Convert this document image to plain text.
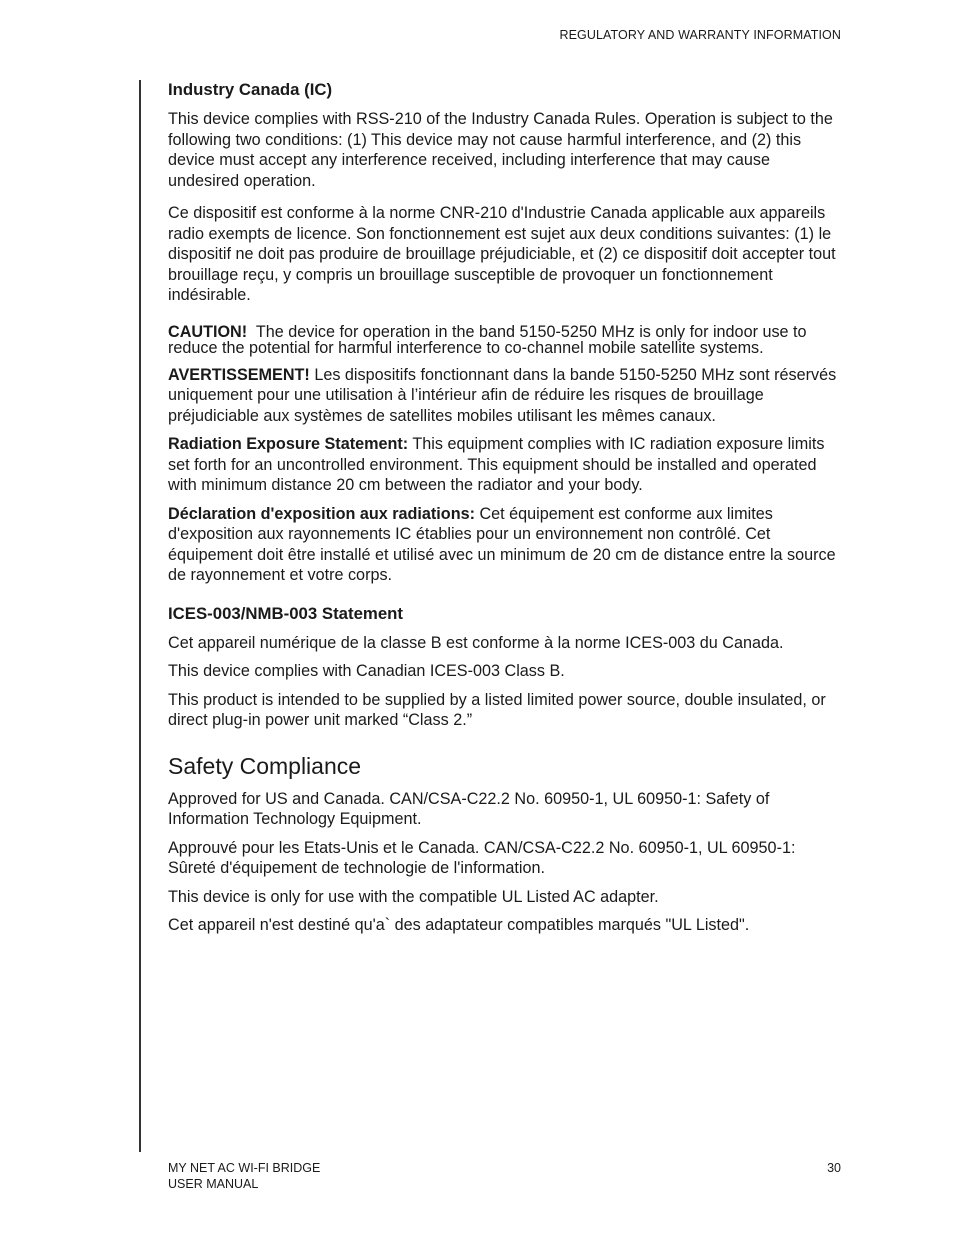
REGULATORY AND WARRANTY INFORMATION
Industry Canada (IC)

This device complies with RSS-210 of the Industry Canada Rules. Operation is subject to the following two conditions: (1) This device may not cause harmful interference, and (2) this device must accept any interference received, including interference that may cause undesired operation.

Ce dispositif est conforme à la norme CNR-210 d'Industrie Canada applicable aux appareils radio exempts de licence. Son fonctionnement est sujet aux deux conditions suivantes: (1) le dispositif ne doit pas produire de brouillage préjudiciable, et (2) ce dispositif doit accepter tout brouillage reçu, y compris un brouillage susceptible de provoquer un fonctionnement indésirable.

CAUTION! The device for operation in the band 5150-5250 MHz is only for indoor use to reduce the potential for harmful interference to co-channel mobile satellite systems.

AVERTISSEMENT! Les dispositifs fonctionnant dans la bande 5150-5250 MHz sont réservés uniquement pour une utilisation à l’intérieur afin de réduire les risques de brouillage préjudiciable aux systèmes de satellites mobiles utilisant les mêmes canaux.

Radiation Exposure Statement: This equipment complies with IC radiation exposure limits set forth for an uncontrolled environment. This equipment should be installed and operated with minimum distance 20 cm between the radiator and your body.

Déclaration d'exposition aux radiations: Cet équipement est conforme aux limites d'exposition aux rayonnements IC établies pour un environnement non contrôlé. Cet équipement doit être installé et utilisé avec un minimum de 20 cm de distance entre la source de rayonnement et votre corps.

ICES-003/NMB-003 Statement

Cet appareil numérique de la classe B est conforme à la norme ICES-003 du Canada.

This device complies with Canadian ICES-003 Class B.

This product is intended to be supplied by a listed limited power source, double insulated, or direct plug-in power unit marked “Class 2.”

Safety Compliance

Approved for US and Canada. CAN/CSA-C22.2 No. 60950-1, UL 60950-1: Safety of Information Technology Equipment.

Approuvé pour les Etats-Unis et le Canada. CAN/CSA-C22.2 No. 60950-1, UL 60950-1: Sûreté d'équipement de technologie de l'information.

This device is only for use with the compatible UL Listed AC adapter.

Cet appareil n'est destiné qu'a` des adaptateur compatibles marqués "UL Listed".

MY NET AC WI-FI BRIDGE
USER MANUAL
30
